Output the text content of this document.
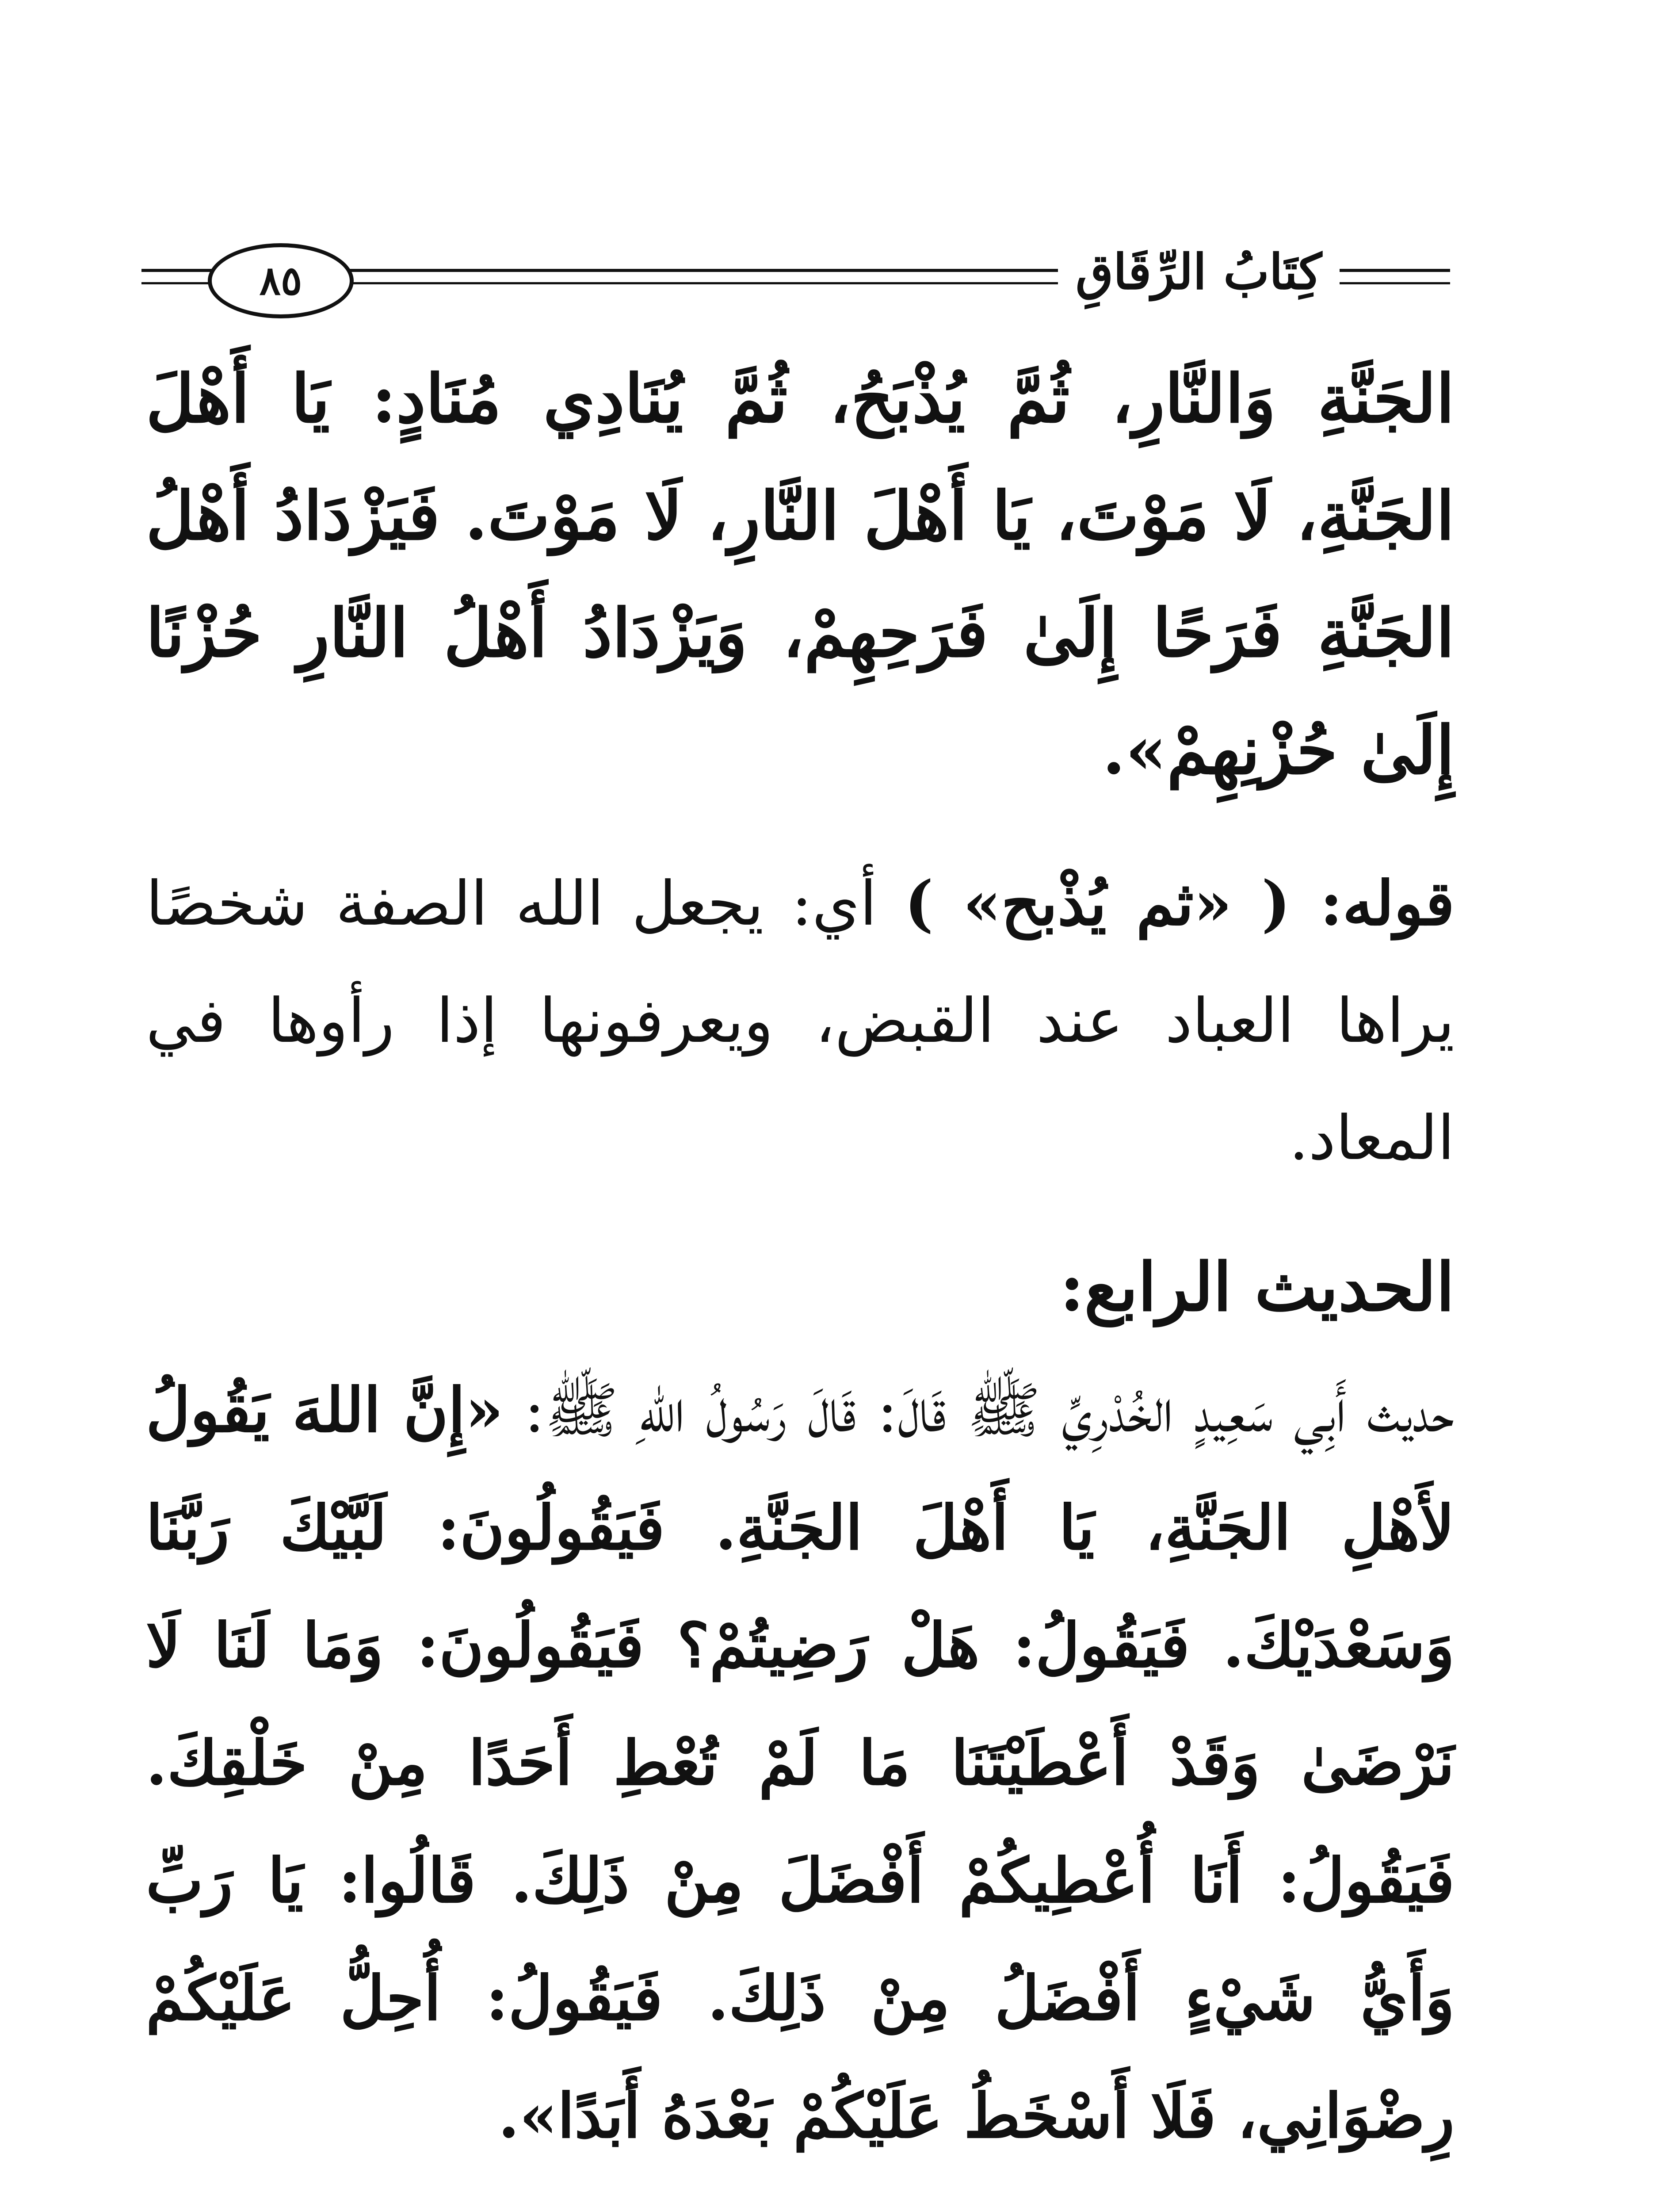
٨٥	كِتَابُ الرِّقَاقِ

الجَنَّةِ وَالنَّارِ، ثُمَّ يُذْبَحُ، ثُمَّ يُنَادِي مُنَادٍ: يَا أَهْلَ الجَنَّةِ، لَا مَوْتَ، يَا أَهْلَ النَّارِ، لَا مَوْتَ. فَيَزْدَادُ أَهْلُ الجَنَّةِ فَرَحًا إِلَىٰ فَرَحِهِمْ، وَيَزْدَادُ أَهْلُ النَّارِ حُزْنًا إِلَىٰ حُزْنِهِمْ».

قوله: ( «ثم يُذْبح» ) أي: يجعل الله الصفة شخصًا يراها العباد عند القبض، ويعرفونها إذا رأوها في المعاد.

الحديث الرابع:

حديث أَبِي سَعِيدٍ الخُدْرِيِّ ﷺ قَالَ: قَالَ رَسُولُ اللهِ ﷺ: «إِنَّ اللهَ يَقُولُ لأَهْلِ الجَنَّةِ، يَا أَهْلَ الجَنَّةِ. فَيَقُولُونَ: لَبَّيْكَ رَبَّنَا وَسَعْدَيْكَ. فَيَقُولُ: هَلْ رَضِيتُمْ؟ فَيَقُولُونَ: وَمَا لَنَا لَا نَرْضَىٰ وَقَدْ أَعْطَيْتَنَا مَا لَمْ تُعْطِ أَحَدًا مِنْ خَلْقِكَ. فَيَقُولُ: أَنَا أُعْطِيكُمْ أَفْضَلَ مِنْ ذَلِكَ. قَالُوا: يَا رَبِّ وَأَيُّ شَيْءٍ أَفْضَلُ مِنْ ذَلِكَ. فَيَقُولُ: أُحِلُّ عَلَيْكُمْ رِضْوَانِي، فَلَا أَسْخَطُ عَلَيْكُمْ بَعْدَهُ أَبَدًا».
